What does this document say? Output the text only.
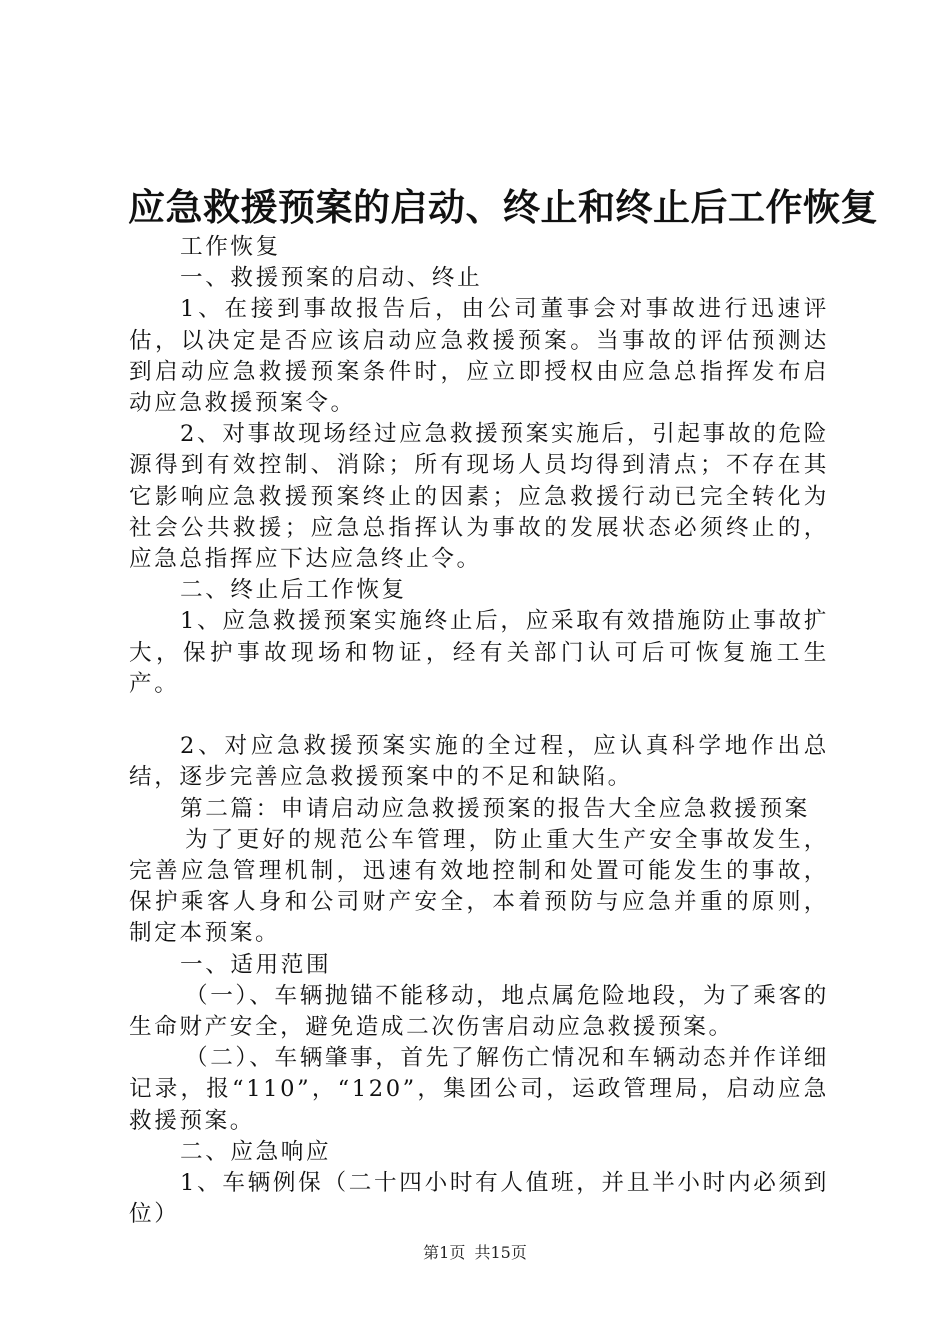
应急救援预案的启动、终止和终止后工作恢复

工作恢复

一、救援预案的启动、终止

1、在接到事故报告后，由公司董事会对事故进行迅速评估，以决定是否应该启动应急救援预案。当事故的评估预测达到启动应急救援预案条件时，应立即授权由应急总指挥发布启动应急救援预案令。

2、对事故现场经过应急救援预案实施后，引起事故的危险源得到有效控制、消除；所有现场人员均得到清点；不存在其它影响应急救援预案终止的因素；应急救援行动已完全转化为社会公共救援；应急总指挥认为事故的发展状态必须终止的，应急总指挥应下达应急终止令。

二、终止后工作恢复

1、应急救援预案实施终止后，应采取有效措施防止事故扩大，保护事故现场和物证，经有关部门认可后可恢复施工生产。

2、对应急救援预案实施的全过程，应认真科学地作出总结，逐步完善应急救援预案中的不足和缺陷。

第二篇：申请启动应急救援预案的报告大全应急救援预案

为了更好的规范公车管理，防止重大生产安全事故发生，完善应急管理机制，迅速有效地控制和处置可能发生的事故，保护乘客人身和公司财产安全，本着预防与应急并重的原则，制定本预案。

一、适用范围

（一）、车辆抛锚不能移动，地点属危险地段，为了乘客的生命财产安全，避免造成二次伤害启动应急救援预案。

（二）、车辆肇事，首先了解伤亡情况和车辆动态并作详细记录，报“110”，“120”，集团公司，运政管理局，启动应急救援预案。

二、应急响应

1、车辆例保（二十四小时有人值班，并且半小时内必须到位）

第1页 共15页
